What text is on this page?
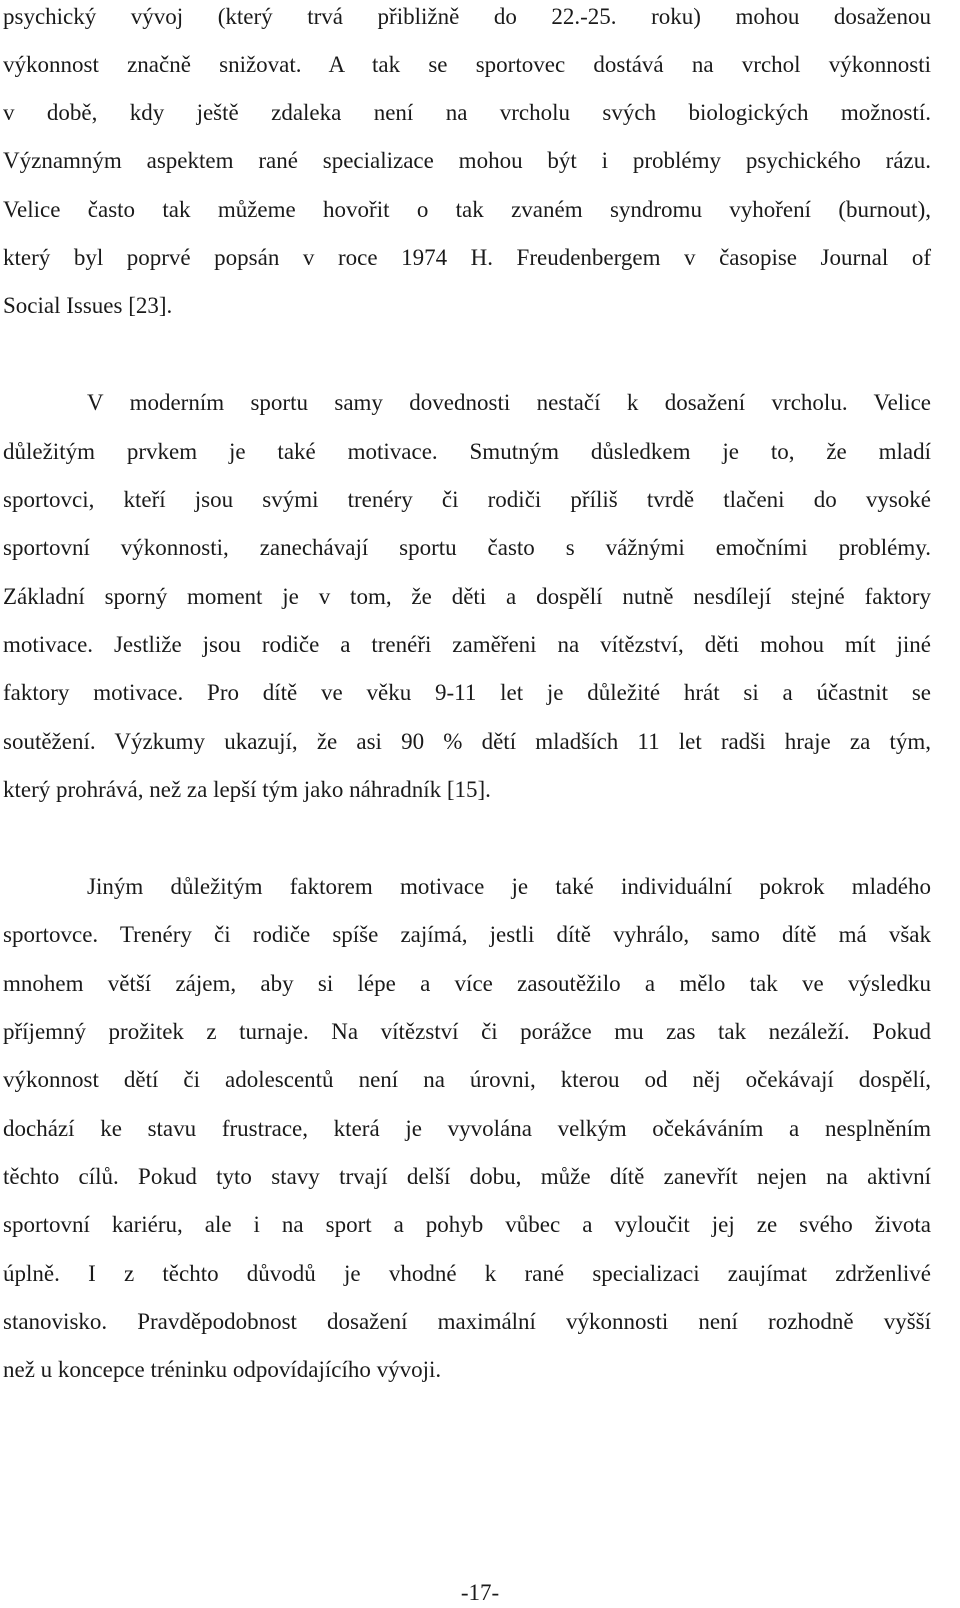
psychický vývoj (který trvá přibližně do 22.-25. roku) mohou dosaženou
výkonnost značně snižovat. A tak se sportovec dostává na vrchol výkonnosti
v době, kdy ještě zdaleka není na vrcholu svých biologických možností.
Významným aspektem rané specializace mohou být i problémy psychického rázu.
Velice často tak můžeme hovořit o tak zvaném syndromu vyhoření (burnout),
který byl poprvé popsán v roce 1974 H. Freudenbergem v časopise Journal of
Social Issues [23].
V moderním sportu samy dovednosti nestačí k dosažení vrcholu. Velice
důležitým prvkem je také motivace. Smutným důsledkem je to, že mladí
sportovci, kteří jsou svými trenéry či rodiči příliš tvrdě tlačeni do vysoké
sportovní výkonnosti, zanechávají sportu často s vážnými emočními problémy.
Základní sporný moment je v tom, že děti a dospělí nutně nesdílejí stejné faktory
motivace. Jestliže jsou rodiče a trenéři zaměřeni na vítězství, děti mohou mít jiné
faktory motivace. Pro dítě ve věku 9-11 let je důležité hrát si a účastnit se
soutěžení. Výzkumy ukazují, že asi 90 % dětí mladších 11 let radši hraje za tým,
který prohrává, než za lepší tým jako náhradník [15].
Jiným důležitým faktorem motivace je také individuální pokrok mladého
sportovce. Trenéry či rodiče spíše zajímá, jestli dítě vyhrálo, samo dítě má však
mnohem větší zájem, aby si lépe a více zasoutěžilo a mělo tak ve výsledku
příjemný prožitek z turnaje. Na vítězství či porážce mu zas tak nezáleží. Pokud
výkonnost dětí či adolescentů není na úrovni, kterou od něj očekávají dospělí,
dochází ke stavu frustrace, která je vyvolána velkým očekáváním a nesplněním
těchto cílů. Pokud tyto stavy trvají delší dobu, může dítě zanevřít nejen na aktivní
sportovní kariéru, ale i na sport a pohyb vůbec a vyloučit jej ze svého života
úplně. I z těchto důvodů je vhodné k rané specializaci zaujímat zdrženlivé
stanovisko. Pravděpodobnost dosažení maximální výkonnosti není rozhodně vyšší
než u koncepce tréninku odpovídajícího vývoji.
-17-
